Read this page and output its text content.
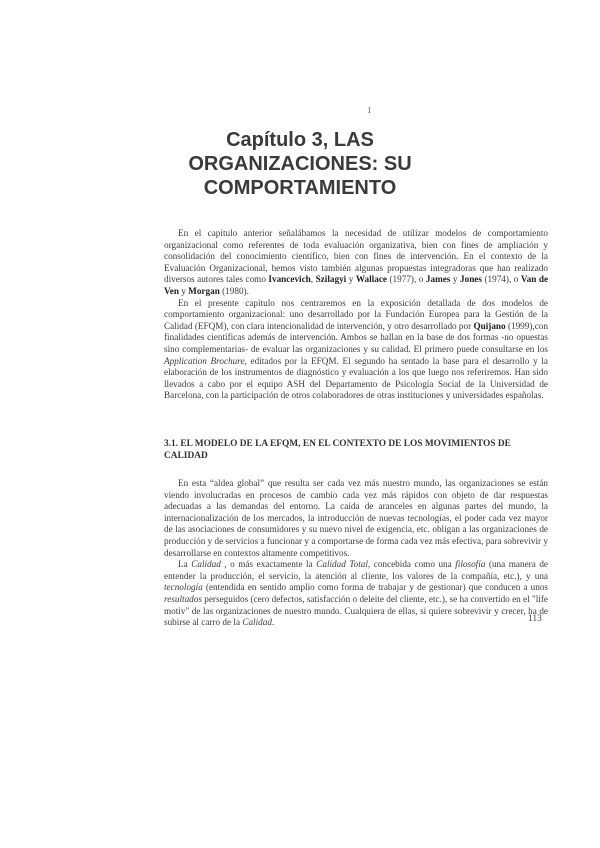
I
Capítulo 3, LAS ORGANIZACIONES: SU COMPORTAMIENTO

En el capítulo anterior señalábamos la necesidad de utilizar modelos de comportamiento organizacional como referentes de toda evaluación organizativa, bien con fines de ampliación y consolidación del conocimiento científico, bien con fines de intervención. En el contexto de la Evaluación Organizacional, hemos visto también algunas propuestas integradoras que han realizado diversos autores tales como Ivancevich, Szilagyi y Wallace (1977), o James y Jones (1974), o Van de Ven y Morgan (1980).

En el presente capítulo nos centraremos en la exposición detallada de dos modelos de comportamiento organizacional: uno desarrollado por la Fundación Europea para la Gestión de la Calidad (EFQM), con clara intencionalidad de intervención, y otro desarrollado por Quijano (1999),con finalidades científicas además de intervención. Ambos se hallan en la base de dos formas -no opuestas sino complementarias- de evaluar las organizaciones y su calidad. El primero puede consultarse en los Application Brochure, editados por la EFQM. El segundo ha sentado la base para el desarrollo y la elaboración de los instrumentos de diagnóstico y evaluación a los que luego nos referiremos. Han sido llevados a cabo por el equipo ASH del Departamento de Psicología Social de la Universidad de Barcelona, con la participación de otros colaboradores de otras instituciones y universidades españolas.

3.1. EL MODELO DE LA EFQM, EN EL CONTEXTO DE LOS MOVIMIENTOS DE CALIDAD

En esta “aldea global” que resulta ser cada vez más nuestro mundo, las organizaciones se están viendo involucradas en procesos de cambio cada vez más rápidos con objeto de dar respuestas adecuadas a las demandas del entorno. La caída de aranceles en algunas partes del mundo, la internacionalización de los mercados, la introducción de nuevas tecnologías, el poder cada vez mayor de las asociaciones de consumidores y su nuevo nivel de exigencia, etc. obligan a las organizaciones de producción y de servicios a funcionar y a comportarse de forma cada vez más efectiva, para sobrevivir y desarrollarse en contextos altamente competitivos.

La Calidad , o más exactamente la Calidad Total, concebida como una filosofía (una manera de entender la producción, el servicio, la atención al cliente, los valores de la compañía, etc.), y una tecnología (entendida en sentido amplio como forma de trabajar y de gestionar) que conducen a unos resultados perseguidos (cero defectos, satisfacción o deleite del cliente, etc.), se ha convertido en el "life motiv" de las organizaciones de nuestro mundo. Cualquiera de ellas, si quiere sobrevivir y crecer, ha de subirse al carro de la Calidad.	113
